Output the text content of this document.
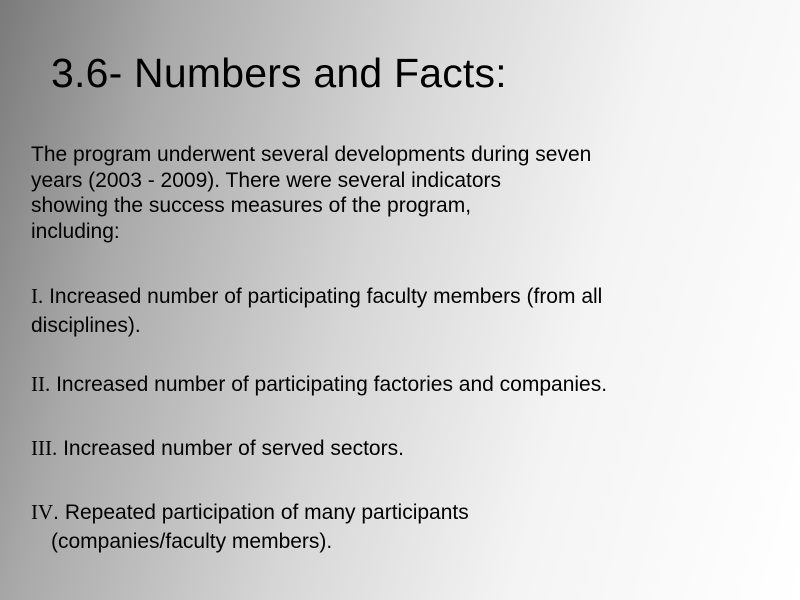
3.6- Numbers and Facts:
The program underwent several developments during seven
years (2003 - 2009). There were several indicators
showing the success measures of the program,
including:
I. Increased number of participating faculty members (from all
disciplines).
II. Increased number of participating factories and companies.
III. Increased number of served sectors.
IV. Repeated participation of many participants
(companies/faculty members).
